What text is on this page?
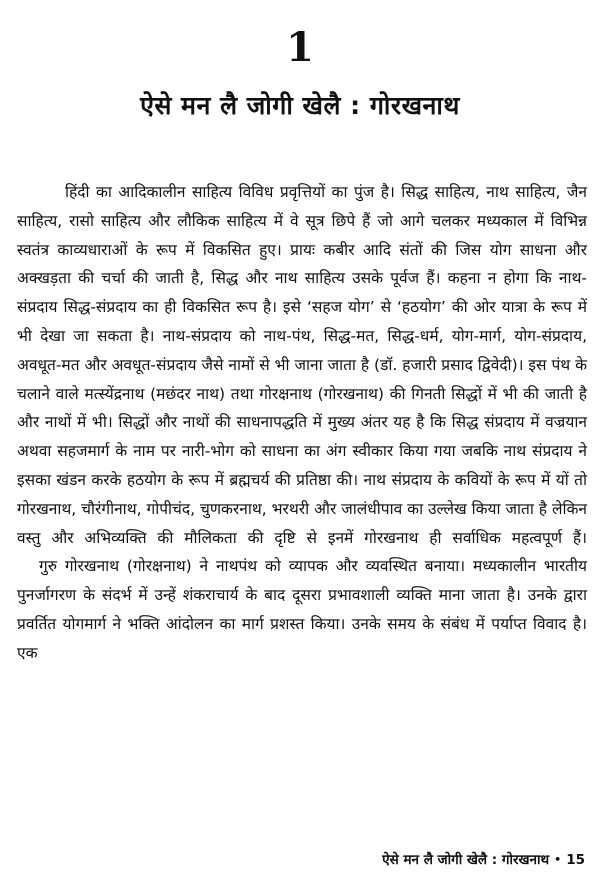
1
ऐसे मन लै जोगी खेलै : गोरखनाथ

हिंदी का आदिकालीन साहित्य विविध प्रवृत्तियों का पुंज है। सिद्ध साहित्य, नाथ साहित्य, जैन साहित्य, रासो साहित्य और लौकिक साहित्य में वे सूत्र छिपे हैं जो आगे चलकर मध्यकाल में विभिन्न स्वतंत्र काव्यधाराओं के रूप में विकसित हुए। प्रायः कबीर आदि संतों की जिस योग साधना और अक्खड़ता की चर्चा की जाती है, सिद्ध और नाथ साहित्य उसके पूर्वज हैं। कहना न होगा कि नाथ-संप्रदाय सिद्ध-संप्रदाय का ही विकसित रूप है। इसे ‘सहज योग’ से ‘हठयोग’ की ओर यात्रा के रूप में भी देखा जा सकता है। नाथ-संप्रदाय को नाथ-पंथ, सिद्ध-मत, सिद्ध-धर्म, योग-मार्ग, योग-संप्रदाय, अवधूत-मत और अवधूत-संप्रदाय जैसे नामों से भी जाना जाता है (डॉ. हजारी प्रसाद द्विवेदी)। इस पंथ के चलाने वाले मत्स्येंद्रनाथ (मछंदर नाथ) तथा गोरक्षनाथ (गोरखनाथ) की गिनती सिद्धों में भी की जाती है और नाथों में भी। सिद्धों और नाथों की साधनापद्धति में मुख्य अंतर यह है कि सिद्ध संप्रदाय में वज्रयान अथवा सहजमार्ग के नाम पर नारी-भोग को साधना का अंग स्वीकार किया गया जबकि नाथ संप्रदाय ने इसका खंडन करके हठयोग के रूप में ब्रह्मचर्य की प्रतिष्ठा की। नाथ संप्रदाय के कवियों के रूप में यों तो गोरखनाथ, चौरंगीनाथ, गोपीचंद, चुणकरनाथ, भरथरी और जालंधीपाव का उल्लेख किया जाता है लेकिन वस्तु और अभिव्यक्ति की मौलिकता की दृष्टि से इनमें गोरखनाथ ही सर्वाधिक महत्वपूर्ण हैं।

गुरु गोरखनाथ (गोरक्षनाथ) ने नाथपंथ को व्यापक और व्यवस्थित बनाया। मध्यकालीन भारतीय पुनर्जागरण के संदर्भ में उन्हें शंकराचार्य के बाद दूसरा प्रभावशाली व्यक्ति माना जाता है। उनके द्वारा प्रवर्तित योगमार्ग ने भक्ति आंदोलन का मार्ग प्रशस्त किया। उनके समय के संबंध में पर्याप्त विवाद है। एक

ऐसे मन लै जोगी खेलै : गोरखनाथ • 15
